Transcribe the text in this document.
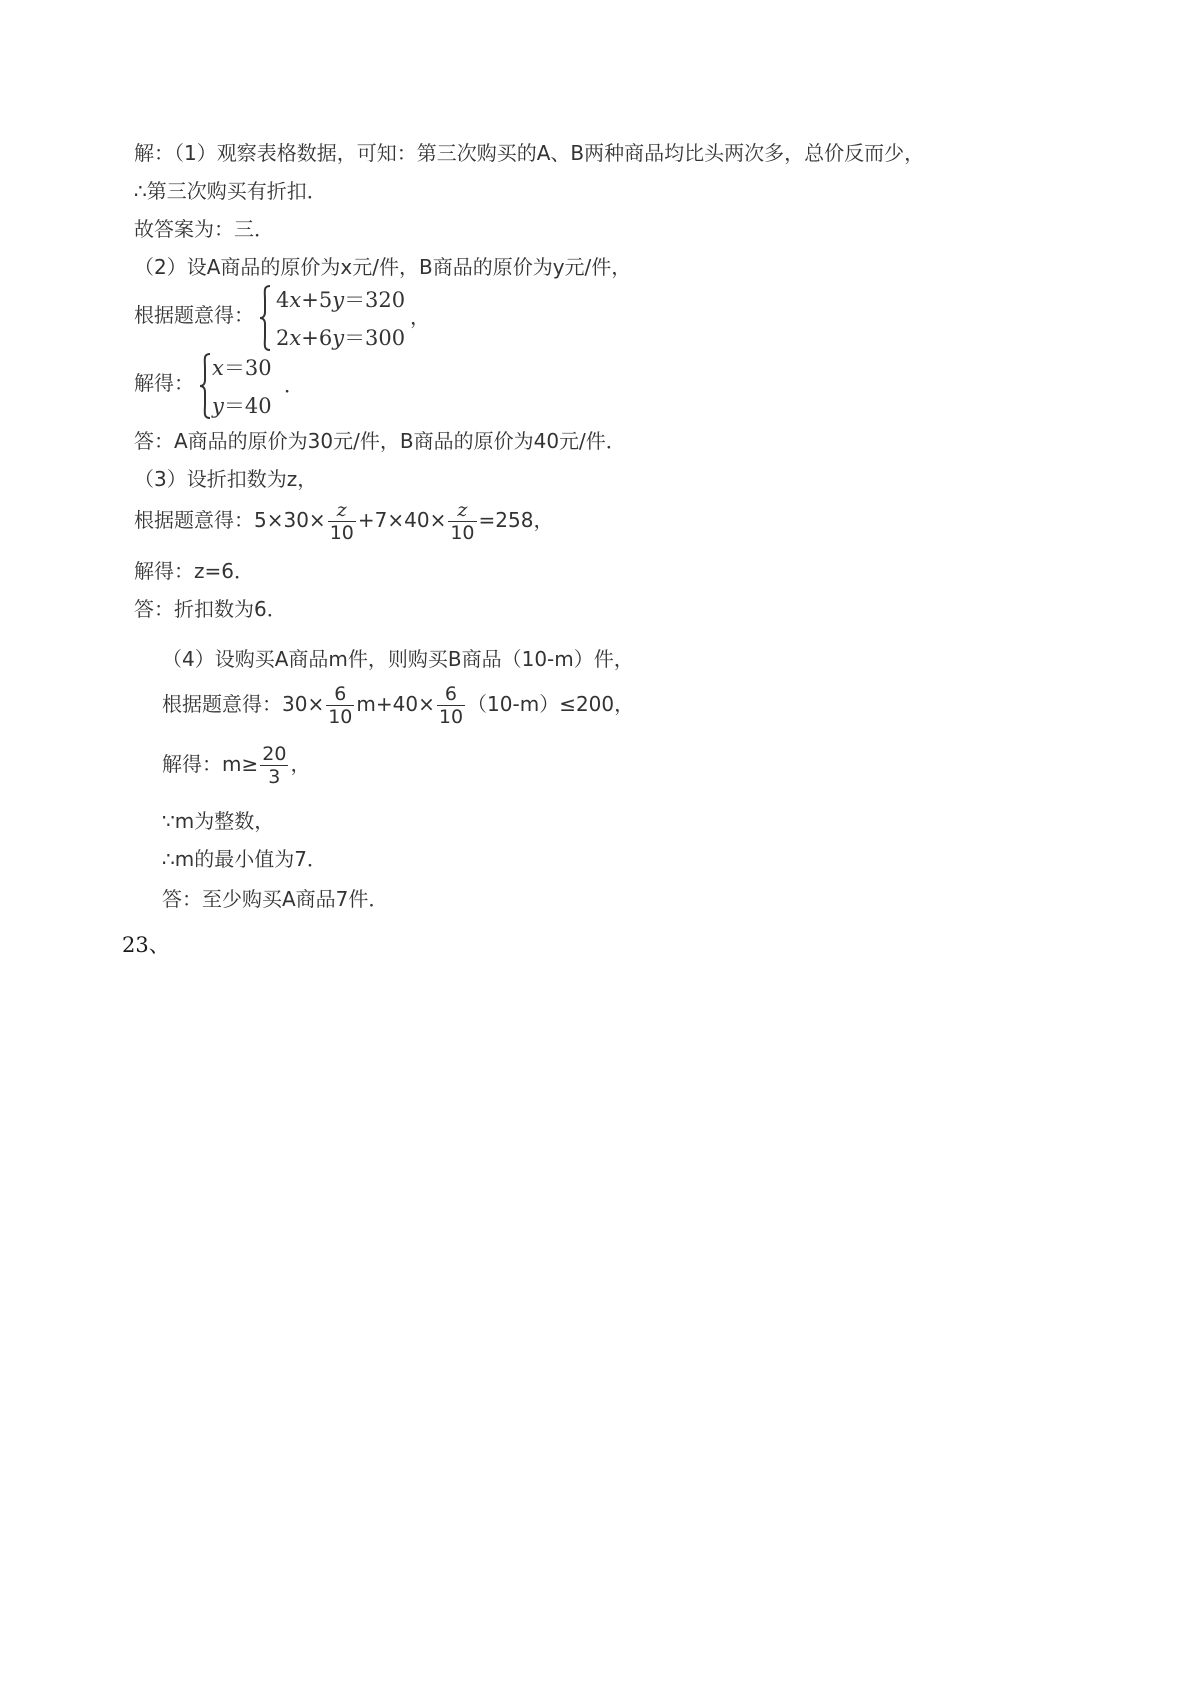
解：（1）观察表格数据，可知：第三次购买的A、B两种商品均比头两次多，总价反而少，
∴第三次购买有折扣．
故答案为：三．
（2）设A商品的原价为x元/件，B商品的原价为y元/件，
根据题意得：
4x+5y＝320
2x+6y＝300
，
解得：
x＝30
y＝40
．
答：A商品的原价为30元/件，B商品的原价为40元/件．
（3）设折扣数为z，
根据题意得：$5\times 30\times \frac{z}{10} +7\times 40\times \frac{z}{10} =258$，
解得：z=6．
答：折扣数为6．
（4）设购买A商品m件，则购买B商品（10-m）件，
根据题意得：$30\times \frac{6}{10} m+40\times \frac{6}{10} (10-m)\le 200$，
解得：$m\ge \frac{20}{3}$ ，
∵m为整数，
∴m的最小值为7．
答：至少购买A商品7件．
23、
